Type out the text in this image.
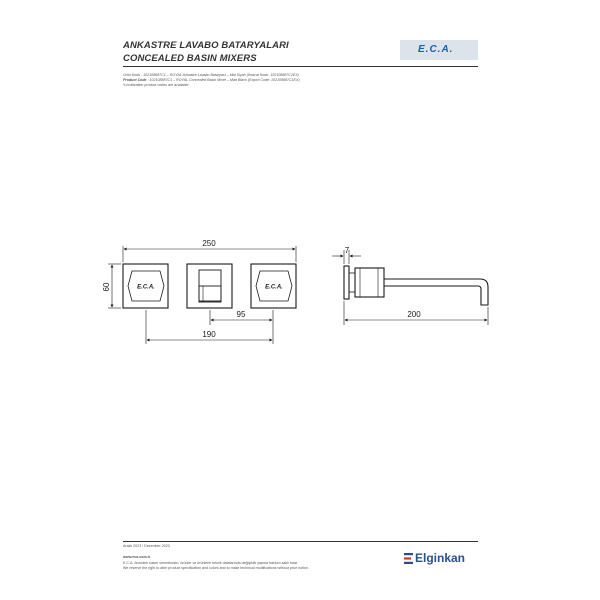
ANKASTRE LAVABO BATARYALARI
CONCEALED BASIN MIXERS
E.C.A.
Ürün Kodu : 102108887C1 – ROYAL Ankastre Lavabo Bataryası – Mat Siyah (İhracat Kodu: 102108887C1EX)
Product Code : 102108887C1 – ROYAL Concealed Basin Mixer – Matt Black (Export Code: 102108887C1EX)
*Localization product codes are available.
E.C.A.	E.C.A.
250
60
95
190
7
200
Aralık 2023 / December 2023
www.eca.com.tr
E.C.A. önceden haber vermeksizin, ürünler ve ürünlerin teknik datalarında değişiklik yapma hakkını saklı tutar.
We reserve the right to alter product specification and colors and to make technical modifications without prior notice.
Elginkan
